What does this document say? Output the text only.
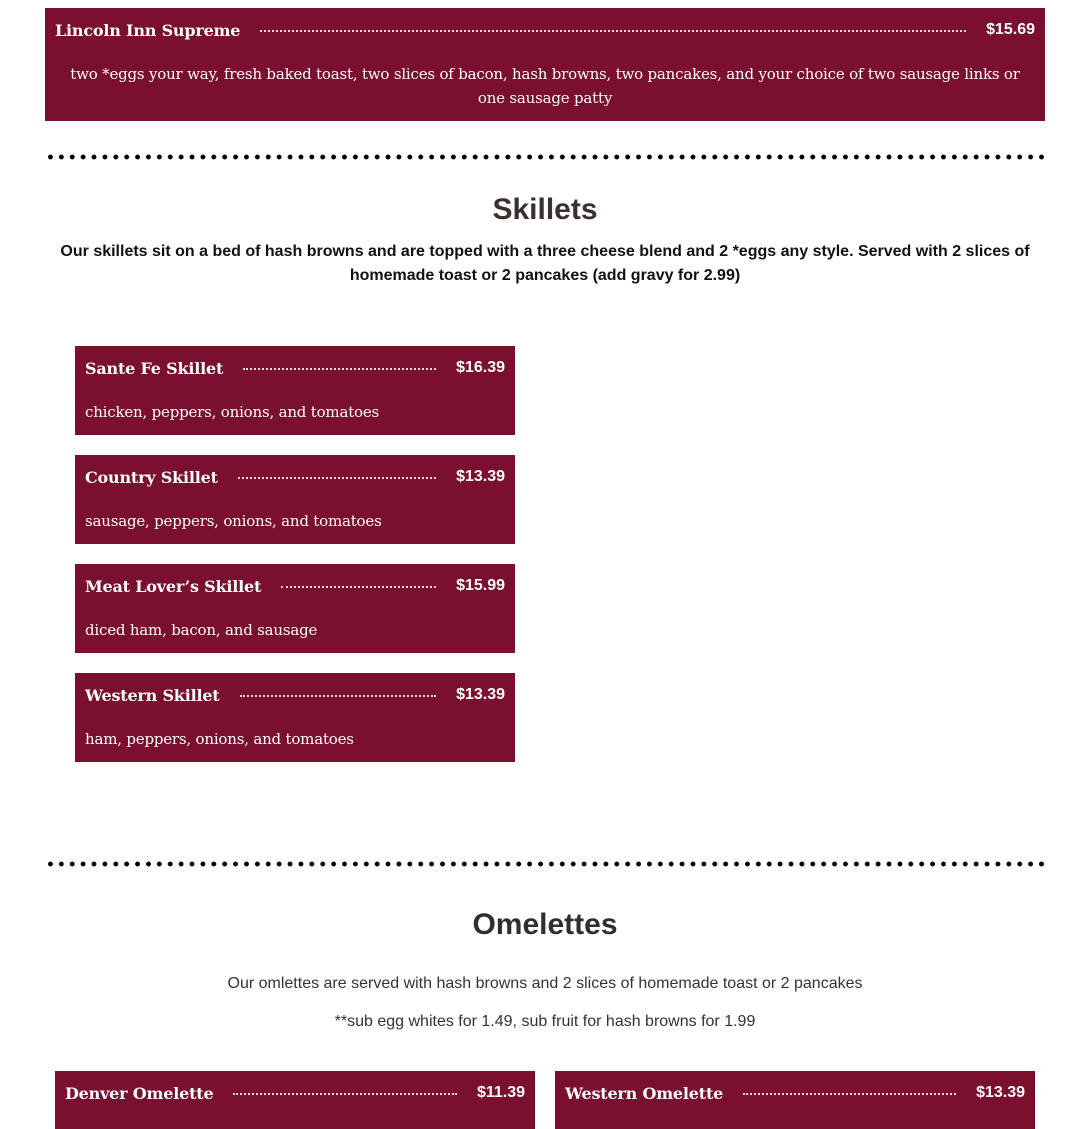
Lincoln Inn Supreme	$15.69
two *eggs your way, fresh baked toast, two slices of bacon, hash browns, two pancakes, and your choice of two sausage links or one sausage patty
Skillets
Our skillets sit on a bed of hash browns and are topped with a three cheese blend and 2 *eggs any style. Served with 2 slices of homemade toast or 2 pancakes (add gravy for 2.99)
Sante Fe Skillet	$16.39
chicken, peppers, onions, and tomatoes
Country Skillet	$13.39
sausage, peppers, onions, and tomatoes
Meat Lover’s Skillet	$15.99
diced ham, bacon, and sausage
Western Skillet	$13.39
ham, peppers, onions, and tomatoes
Omelettes
Our omlettes are served with hash browns and 2 slices of homemade toast or 2 pancakes
**sub egg whites for 1.49, sub fruit for hash browns for 1.99
Denver Omelette	$11.39	Western Omelette	$13.39
